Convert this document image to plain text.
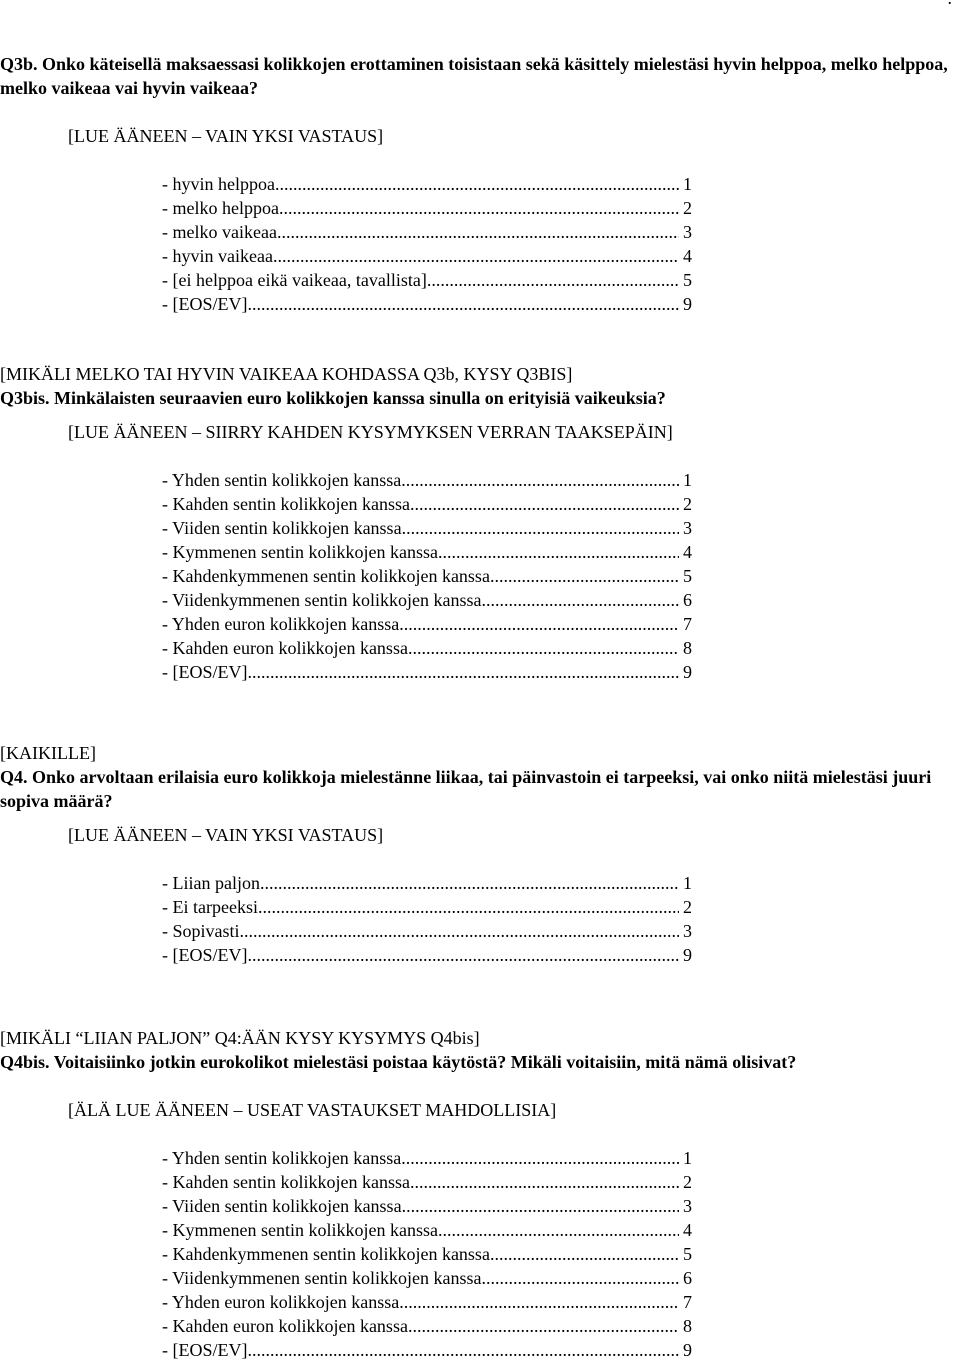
Q3b. Onko käteisellä maksaessasi kolikkojen erottaminen toisistaan sekä käsittely mielestäsi hyvin helppoa, melko helppoa, melko vaikeaa vai hyvin vaikeaa?

[LUE ÄÄNEEN – VAIN YKSI VASTAUS]

- hyvin helppoa .....	1
- melko helppoa .....	2
- melko vaikeaa .....	3
- hyvin vaikeaa .....	4
- [ei helppoa eikä vaikeaa, tavallista] .....	5
- [EOS/EV] .....	9

[MIKÄLI MELKO TAI HYVIN VAIKEAA KOHDASSA Q3b, KYSY Q3BIS]

Q3bis. Minkälaisten seuraavien euro kolikkojen kanssa sinulla on erityisiä vaikeuksia?

[LUE ÄÄNEEN – SIIRRY KAHDEN KYSYMYKSEN VERRAN TAAKSEPÄIN]

- Yhden sentin kolikkojen kanssa .....	1
- Kahden sentin kolikkojen kanssa .....	2
- Viiden sentin kolikkojen kanssa .....	3
- Kymmenen sentin kolikkojen kanssa .....	4
- Kahdenkymmenen sentin kolikkojen kanssa .....	5
- Viidenkymmenen sentin kolikkojen kanssa .....	6
- Yhden euron kolikkojen kanssa .....	7
- Kahden euron kolikkojen kanssa .....	8
- [EOS/EV] .....	9

[KAIKILLE]

Q4. Onko arvoltaan erilaisia euro kolikkoja mielestänne liikaa, tai päinvastoin ei tarpeeksi, vai onko niitä mielestäsi juuri sopiva määrä?

[LUE ÄÄNEEN – VAIN YKSI VASTAUS]

- Liian paljon .....	1
- Ei tarpeeksi .....	2
- Sopivasti .....	3
- [EOS/EV] .....	9

[MIKÄLI “LIIAN PALJON” Q4:ÄÄN KYSY KYSYMYS Q4bis]

Q4bis. Voitaisiinko jotkin eurokolikot mielestäsi poistaa käytöstä? Mikäli voitaisiin, mitä nämä olisivat?

[ÄLÄ LUE ÄÄNEEN – USEAT VASTAUKSET MAHDOLLISIA]

- Yhden sentin kolikkojen kanssa .....	1
- Kahden sentin kolikkojen kanssa .....	2
- Viiden sentin kolikkojen kanssa .....	3
- Kymmenen sentin kolikkojen kanssa .....	4
- Kahdenkymmenen sentin kolikkojen kanssa .....	5
- Viidenkymmenen sentin kolikkojen kanssa .....	6
- Yhden euron kolikkojen kanssa .....	7
- Kahden euron kolikkojen kanssa .....	8
- [EOS/EV] .....	9
